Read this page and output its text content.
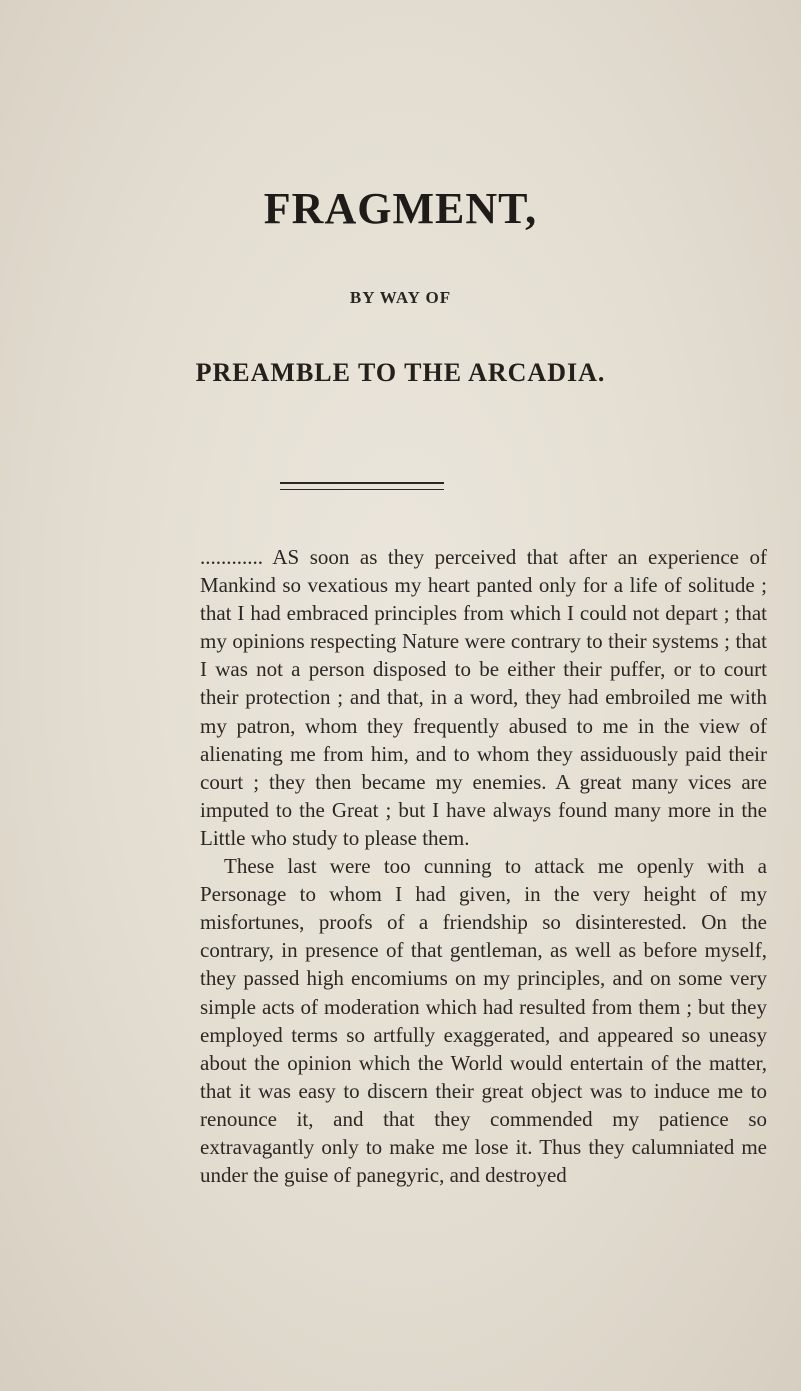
FRAGMENT,
BY WAY OF
PREAMBLE TO THE ARCADIA.

............ AS soon as they perceived that after an experience of Mankind so vexatious my heart panted only for a life of solitude ; that I had embraced principles from which I could not depart ; that my opinions respecting Nature were contrary to their systems ; that I was not a person disposed to be either their puffer, or to court their protection ; and that, in a word, they had embroiled me with my patron, whom they frequently abused to me in the view of alienating me from him, and to whom they assiduously paid their court ; they then became my enemies. A great many vices are imputed to the Great ; but I have always found many more in the Little who study to please them.

These last were too cunning to attack me openly with a Personage to whom I had given, in the very height of my misfortunes, proofs of a friendship so disinterested. On the contrary, in presence of that gentleman, as well as before myself, they passed high encomiums on my principles, and on some very simple acts of moderation which had resulted from them ; but they employed terms so artfully exaggerated, and appeared so uneasy about the opinion which the World would entertain of the matter, that it was easy to discern their great object was to induce me to renounce it, and that they commended my patience so extravagantly only to make me lose it. Thus they calumniated me under the guise of panegyric, and destroyed
